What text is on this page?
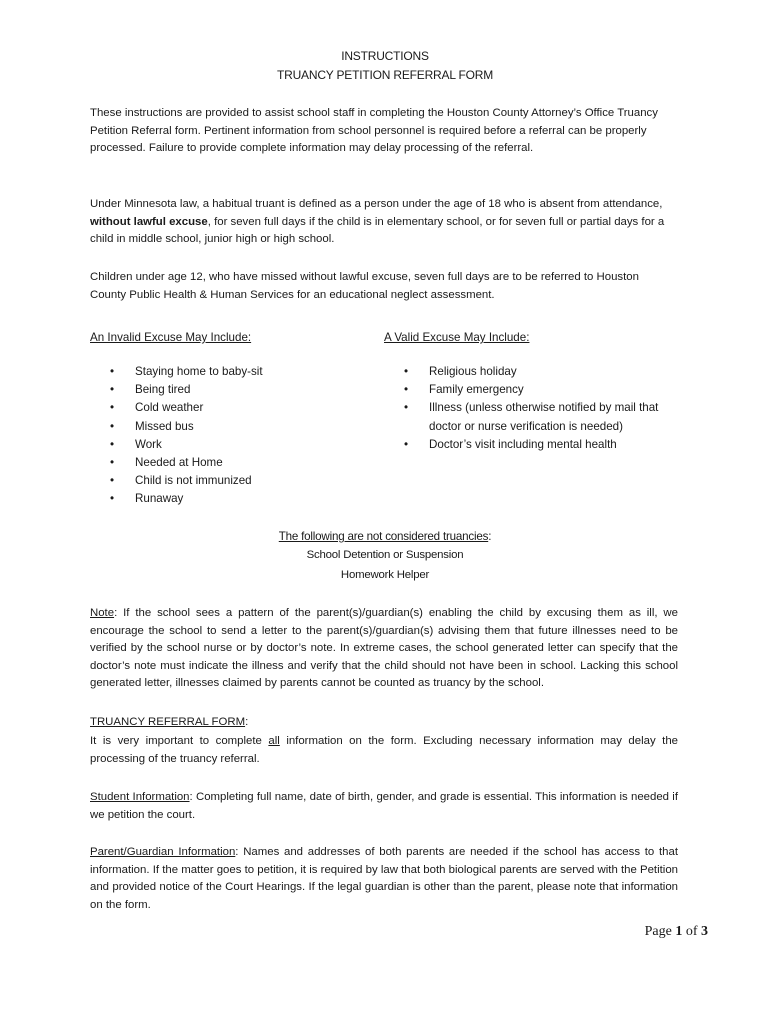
INSTRUCTIONS
TRUANCY PETITION REFERRAL FORM
These instructions are provided to assist school staff in completing the Houston County Attorney’s Office Truancy Petition Referral form. Pertinent information from school personnel is required before a referral can be properly processed. Failure to provide complete information may delay processing of the referral.
Under Minnesota law, a habitual truant is defined as a person under the age of 18 who is absent from attendance, without lawful excuse, for seven full days if the child is in elementary school, or for seven full or partial days for a child in middle school, junior high or high school.
Children under age 12, who have missed without lawful excuse, seven full days are to be referred to Houston County Public Health & Human Services for an educational neglect assessment.
An Invalid Excuse May Include:	A Valid Excuse May Include:
• Staying home to baby-sit
• Being tired
• Cold weather
• Missed bus
• Work
• Needed at Home
• Child is not immunized
• Runaway
• Religious holiday
• Family emergency
• Illness (unless otherwise notified by mail that doctor or nurse verification is needed)
• Doctor’s visit including mental health
The following are not considered truancies:
School Detention or Suspension
Homework Helper
Note: If the school sees a pattern of the parent(s)/guardian(s) enabling the child by excusing them as ill, we encourage the school to send a letter to the parent(s)/guardian(s) advising them that future illnesses need to be verified by the school nurse or by doctor’s note. In extreme cases, the school generated letter can specify that the doctor’s note must indicate the illness and verify that the child should not have been in school. Lacking this school generated letter, illnesses claimed by parents cannot be counted as truancy by the school.
TRUANCY REFERRAL FORM:
It is very important to complete all information on the form. Excluding necessary information may delay the processing of the truancy referral.
Student Information: Completing full name, date of birth, gender, and grade is essential. This information is needed if we petition the court.
Parent/Guardian Information: Names and addresses of both parents are needed if the school has access to that information. If the matter goes to petition, it is required by law that both biological parents are served with the Petition and provided notice of the Court Hearings. If the legal guardian is other than the parent, please note that information on the form.
Page 1 of 3
